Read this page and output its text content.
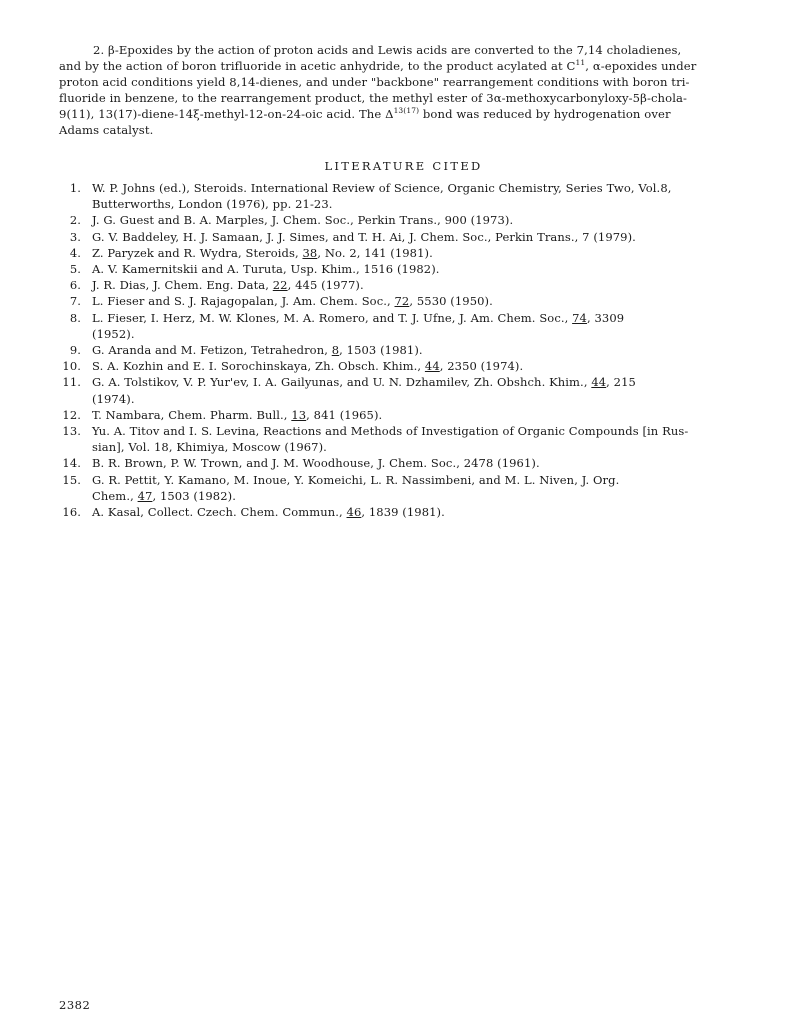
2. β-Epoxides by the action of proton acids and Lewis acids are converted to the 7,14 choladienes,
and by the action of boron trifluoride in acetic anhydride, to the product acylated at $C^{11}$, α-epoxides under
proton acid conditions yield 8,14-dienes, and under "backbone" rearrangement conditions with boron tri-
fluoride in benzene, to the rearrangement product, the methyl ester of 3α-methoxycarbonyloxy-5β-chola-
9(11), 13(17)-diene-14ξ-methyl-12-on-24-oic acid. The $\Delta^{13(17)}$ bond was reduced by hydrogenation over
Adams catalyst.
LITERATURE CITED
1. W. P. Johns (ed.), Steroids. International Review of Science, Organic Chemistry, Series Two, Vol.8,
Butterworths, London (1976), pp. 21-23.
2. J. G. Guest and B. A. Marples, J. Chem. Soc., Perkin Trans., 900 (1973).
3. G. V. Baddeley, H. J. Samaan, J. J. Simes, and T. H. Ai, J. Chem. Soc., Perkin Trans., 7 (1979).
4. Z. Paryzek and R. Wydra, Steroids, 38, No. 2, 141 (1981).
5. A. V. Kamernitskii and A. Turuta, Usp. Khim., 1516 (1982).
6. J. R. Dias, J. Chem. Eng. Data, 22, 445 (1977).
7. L. Fieser and S. J. Rajagopalan, J. Am. Chem. Soc., 72, 5530 (1950).
8. L. Fieser, I. Herz, M. W. Klones, M. A. Romero, and T. J. Ufne, J. Am. Chem. Soc., 74, 3309
(1952).
9. G. Aranda and M. Fetizon, Tetrahedron, 8, 1503 (1981).
10. S. A. Kozhin and E. I. Sorochinskaya, Zh. Obsch. Khim., 44, 2350 (1974).
11. G. A. Tolstikov, V. P. Yur'ev, I. A. Gailyunas, and U. N. Dzhamilev, Zh. Obshch. Khim., 44, 215
(1974).
12. T. Nambara, Chem. Pharm. Bull., 13, 841 (1965).
13. Yu. A. Titov and I. S. Levina, Reactions and Methods of Investigation of Organic Compounds [in Rus-
sian], Vol. 18, Khimiya, Moscow (1967).
14. B. R. Brown, P. W. Trown, and J. M. Woodhouse, J. Chem. Soc., 2478 (1961).
15. G. R. Pettit, Y. Kamano, M. Inoue, Y. Komeichi, L. R. Nassimbeni, and M. L. Niven, J. Org.
Chem., 47, 1503 (1982).
16. A. Kasal, Collect. Czech. Chem. Commun., 46, 1839 (1981).
2382
